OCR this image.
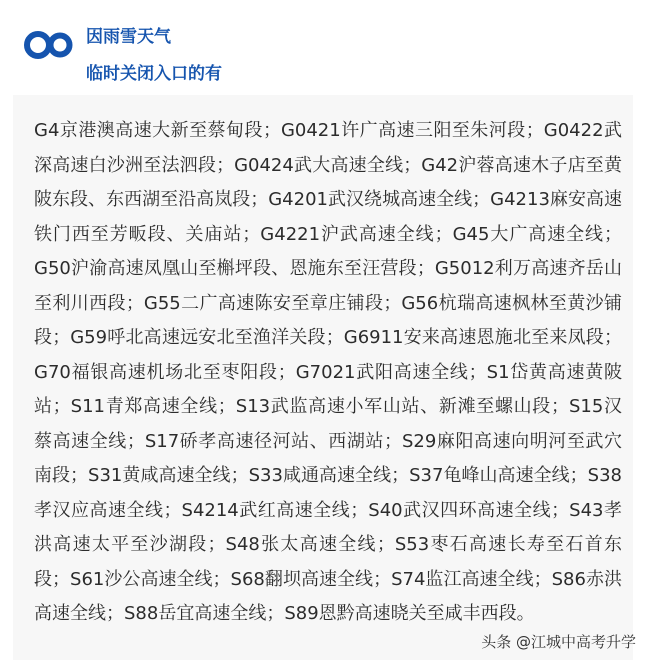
因雨雪天气
临时关闭入口的有

G4京港澳高速大新至蔡甸段；G0421许广高速三阳至朱河段；G0422武深高速白沙洲至法泗段；G0424武大高速全线；G42沪蓉高速木子店至黄陂东段、东西湖至沿高岚段；G4201武汉绕城高速全线；G4213麻安高速铁门西至芳畈段、关庙站；G4221沪武高速全线；G45大广高速全线；G50沪渝高速凤凰山至槲坪段、恩施东至汪营段；G5012利万高速齐岳山至利川西段；G55二广高速陈安至章庄铺段；G56杭瑞高速枫林至黄沙铺段；G59呼北高速远安北至渔洋关段；G6911安来高速恩施北至来凤段；G70福银高速机场北至枣阳段；G7021武阳高速全线；S1岱黄高速黄陂站；S11青郑高速全线；S13武监高速小军山站、新滩至螺山段；S15汉蔡高速全线；S17硚孝高速径河站、西湖站；S29麻阳高速向明河至武穴南段；S31黄咸高速全线；S33咸通高速全线；S37龟峰山高速全线；S38孝汉应高速全线；S4214武红高速全线；S40武汉四环高速全线；S43孝洪高速太平至沙湖段；S48张太高速全线；S53枣石高速长寿至石首东段；S61沙公高速全线；S68翻坝高速全线；S74监江高速全线；S86赤洪高速全线；S88岳宜高速全线；S89恩黔高速晓关至咸丰西段。

头条 @江城中高考升学
